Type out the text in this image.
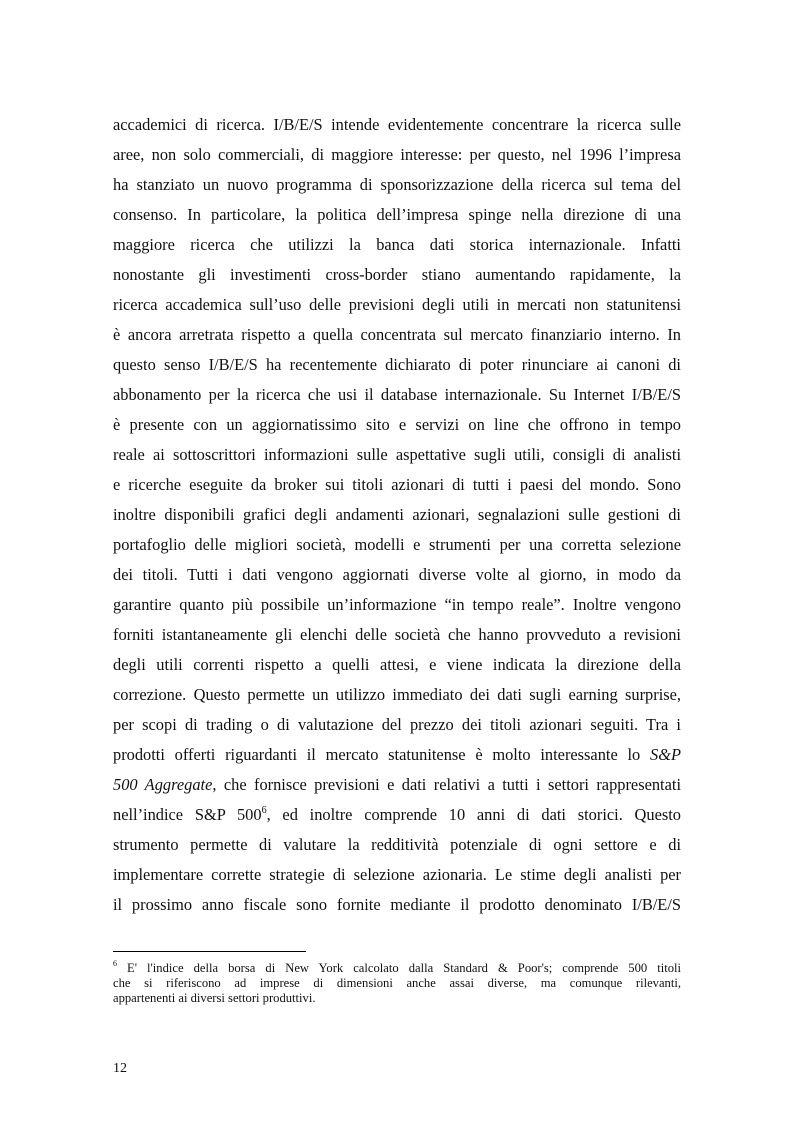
accademici di ricerca. I/B/E/S intende evidentemente concentrare la ricerca sulle
aree, non solo commerciali, di maggiore interesse: per questo, nel 1996 l’impresa
ha stanziato un nuovo programma di sponsorizzazione della ricerca sul tema del
consenso. In particolare, la politica dell’impresa spinge nella direzione di una
maggiore ricerca che utilizzi la banca dati storica internazionale. Infatti
nonostante gli investimenti cross-border stiano aumentando rapidamente, la
ricerca accademica sull’uso delle previsioni degli utili in mercati non statunitensi
è ancora arretrata rispetto a quella concentrata sul mercato finanziario interno. In
questo senso I/B/E/S ha recentemente dichiarato di poter rinunciare ai canoni di
abbonamento per la ricerca che usi il database internazionale. Su Internet I/B/E/S
è presente con un aggiornatissimo sito e servizi on line che offrono in tempo
reale ai sottoscrittori informazioni sulle aspettative sugli utili, consigli di analisti
e ricerche eseguite da broker sui titoli azionari di tutti i paesi del mondo. Sono
inoltre disponibili grafici degli andamenti azionari, segnalazioni sulle gestioni di
portafoglio delle migliori società, modelli e strumenti per una corretta selezione
dei titoli. Tutti i dati vengono aggiornati diverse volte al giorno, in modo da
garantire quanto più possibile un’informazione “in tempo reale”. Inoltre vengono
forniti istantaneamente gli elenchi delle società che hanno provveduto a revisioni
degli utili correnti rispetto a quelli attesi, e viene indicata la direzione della
correzione. Questo permette un utilizzo immediato dei dati sugli earning surprise,
per scopi di trading o di valutazione del prezzo dei titoli azionari seguiti. Tra i
prodotti offerti riguardanti il mercato statunitense è molto interessante lo S&P
500 Aggregate, che fornisce previsioni e dati relativi a tutti i settori rappresentati
nell’indice S&P $500^6$, ed inoltre comprende 10 anni di dati storici. Questo
strumento permette di valutare la redditività potenziale di ogni settore e di
implementare corrette strategie di selezione azionaria. Le stime degli analisti per
il prossimo anno fiscale sono fornite mediante il prodotto denominato I/B/E/S
$^6$ E' l'indice della borsa di New York calcolato dalla Standard & Poor's; comprende 500 titoli
che si riferiscono ad imprese di dimensioni anche assai diverse, ma comunque rilevanti,
appartenenti ai diversi settori produttivi.
12
